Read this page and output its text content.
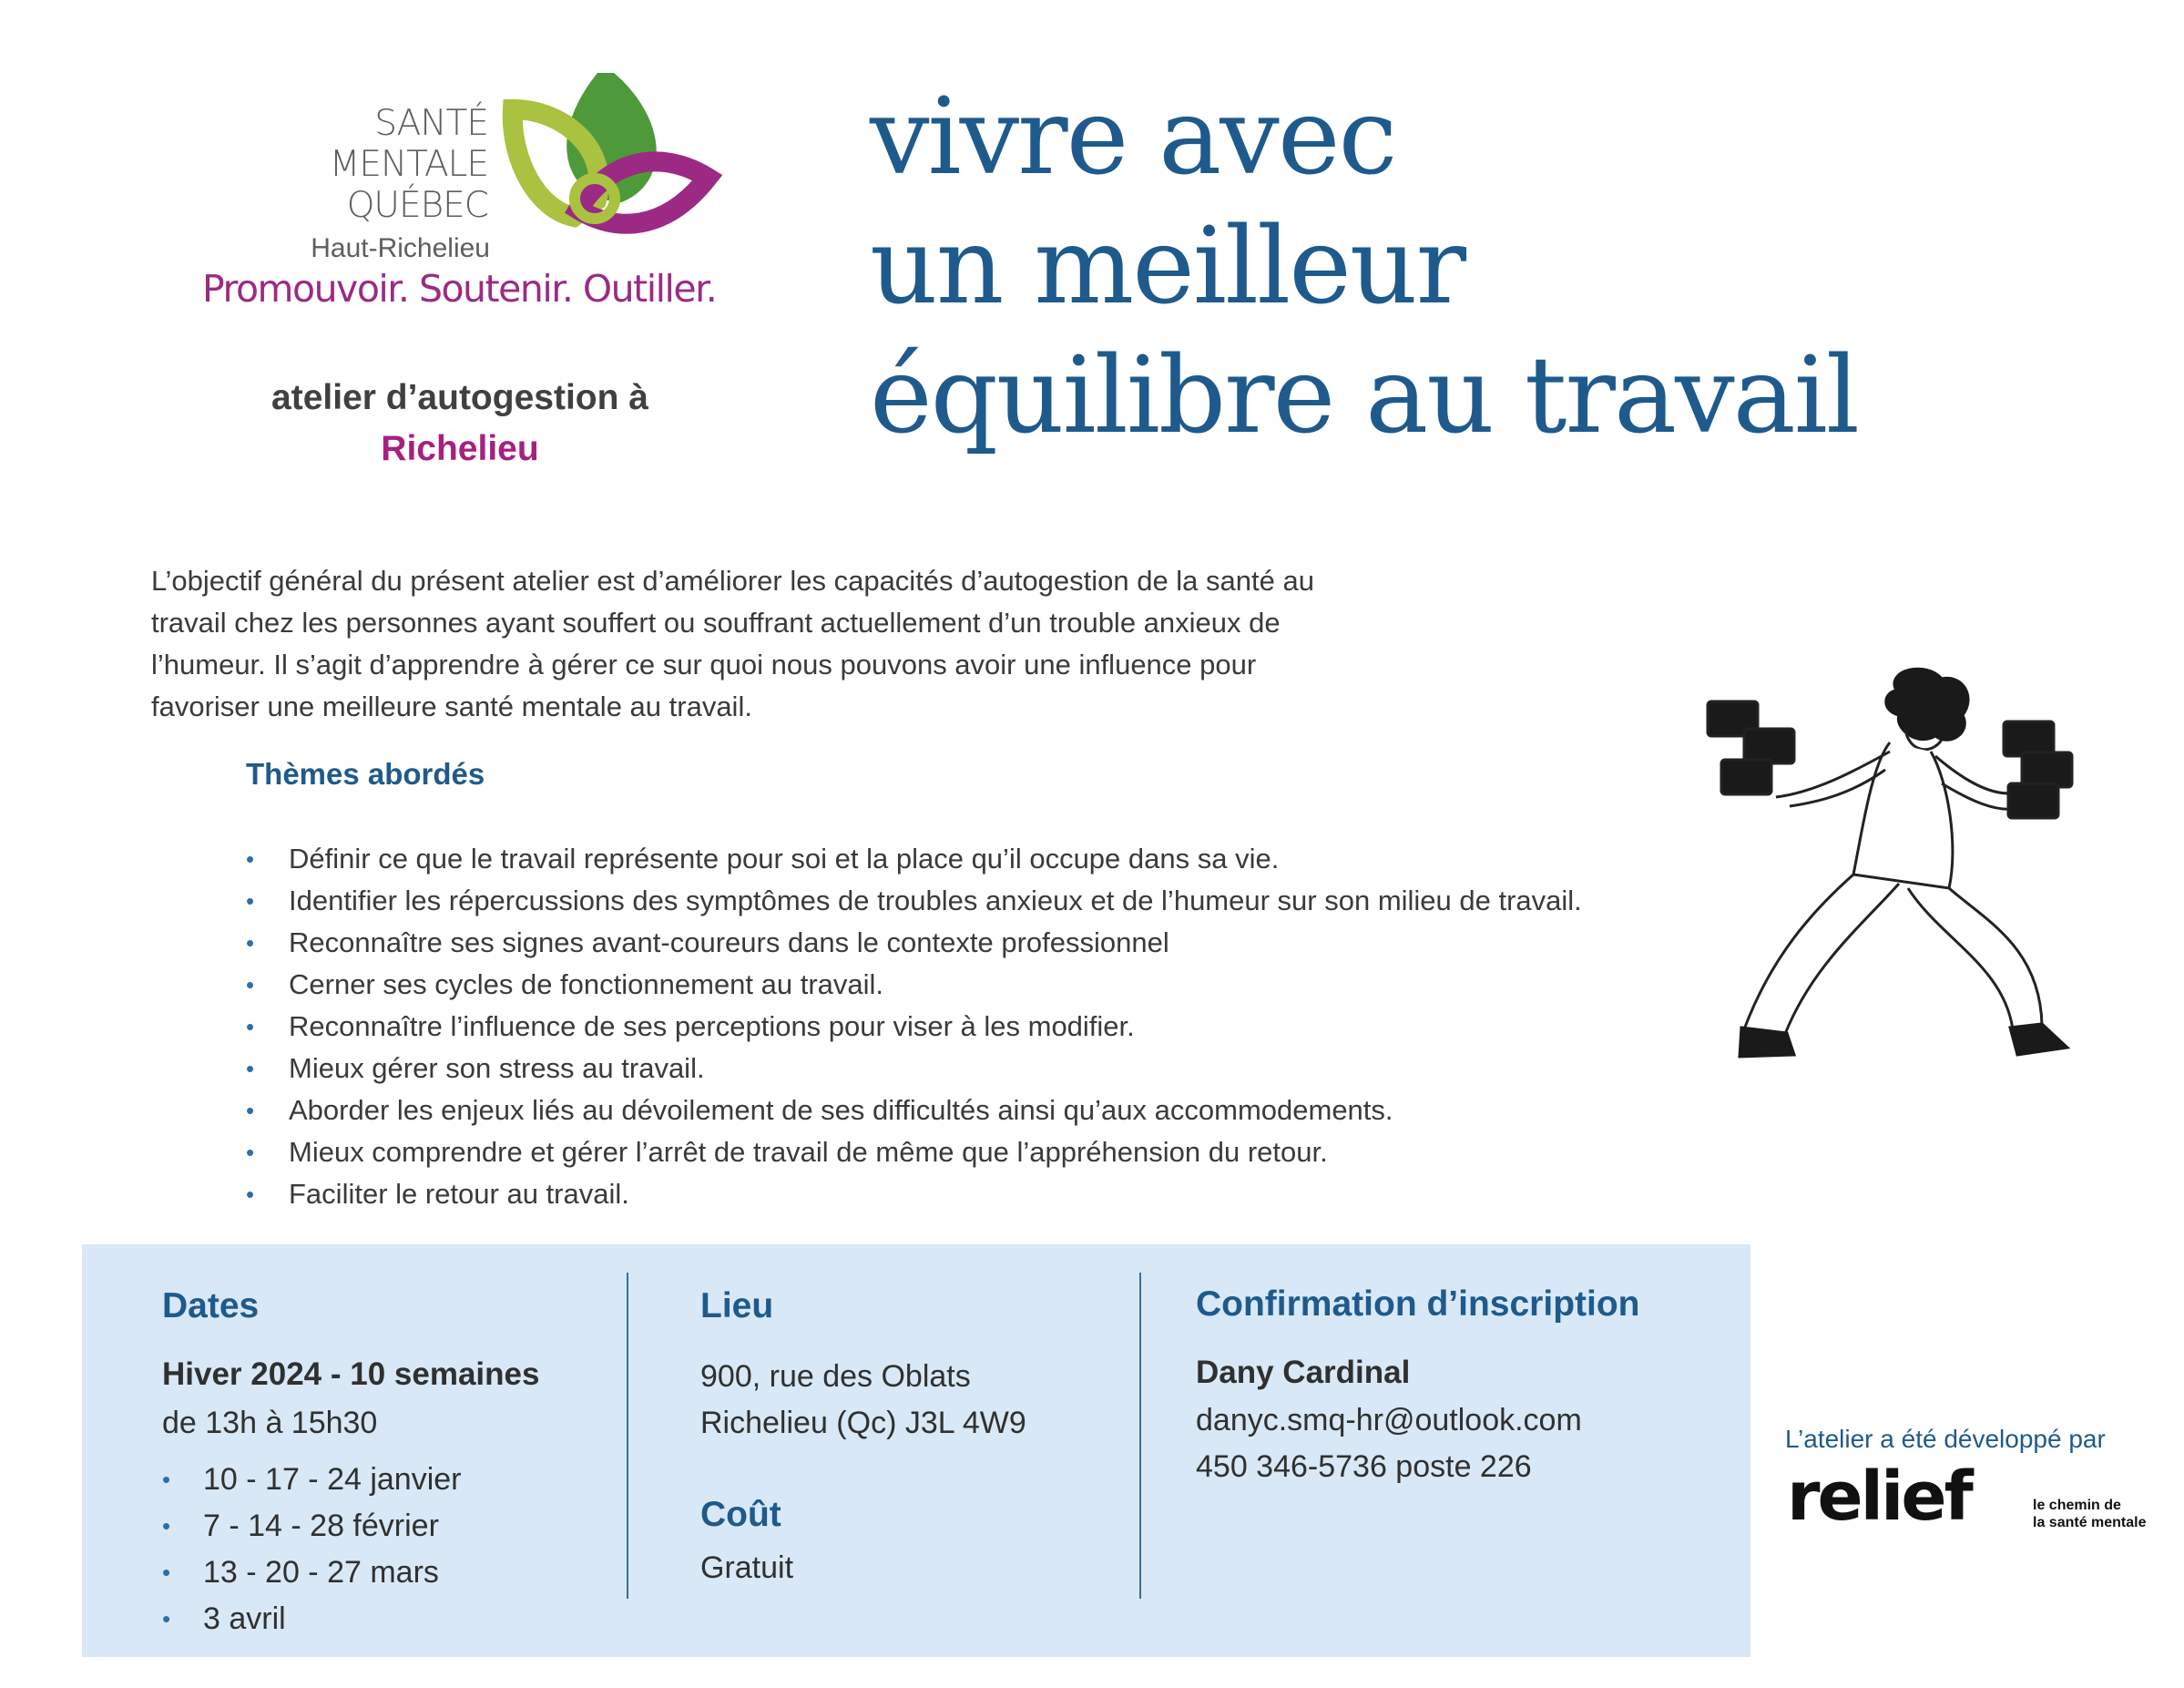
SANTÉ
MENTALE
QUÉBEC
Haut-Richelieu
Promouvoir. Soutenir. Outiller.
atelier d’autogestion à
Richelieu
vivre avec
un meilleur
équilibre au travail
L’objectif général du présent atelier est d’améliorer les capacités d’autogestion de la santé au
travail chez les personnes ayant souffert ou souffrant actuellement d’un trouble anxieux de
l’humeur. Il s’agit d’apprendre à gérer ce sur quoi nous pouvons avoir une influence pour
favoriser une meilleure santé mentale au travail.
Thèmes abordés
• Définir ce que le travail représente pour soi et la place qu’il occupe dans sa vie.
• Identifier les répercussions des symptômes de troubles anxieux et de l’humeur sur son milieu de travail.
• Reconnaître ses signes avant-coureurs dans le contexte professionnel
• Cerner ses cycles de fonctionnement au travail.
• Reconnaître l’influence de ses perceptions pour viser à les modifier.
• Mieux gérer son stress au travail.
• Aborder les enjeux liés au dévoilement de ses difficultés ainsi qu’aux accommodements.
• Mieux comprendre et gérer l’arrêt de travail de même que l’appréhension du retour.
• Faciliter le retour au travail.
Dates
Hiver 2024 - 10 semaines
de 13h à 15h30
• 10 - 17 - 24 janvier
• 7 - 14 - 28 février
• 13 - 20 - 27 mars
• 3 avril
Lieu
900, rue des Oblats
Richelieu (Qc) J3L 4W9
Coût
Gratuit
Confirmation d’inscription
Dany Cardinal
danyc.smq-hr@outlook.com
450 346-5736 poste 226
L’atelier a été développé par
relief	le chemin de
la santé mentale
